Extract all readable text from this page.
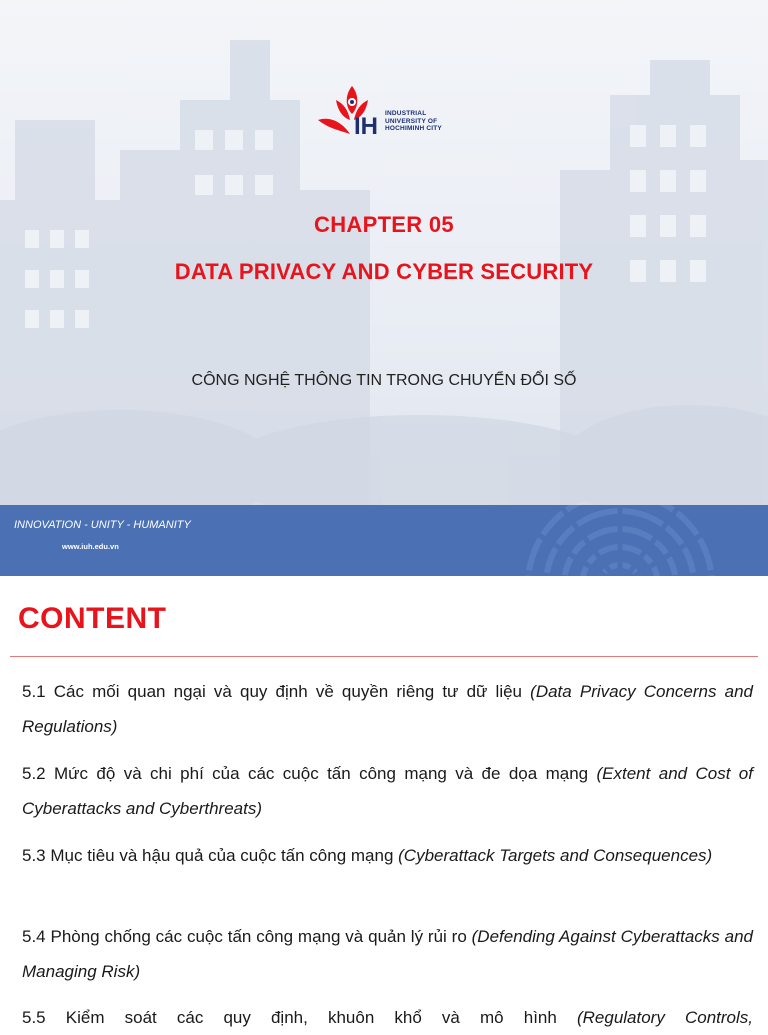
IH INDUSTRIAL
UNIVERSITY OF
HOCHIMINH CITY
CHAPTER 05
DATA PRIVACY AND CYBER SECURITY
CÔNG NGHỆ THÔNG TIN TRONG CHUYỂN ĐỔI SỐ
INNOVATION - UNITY - HUMANITY
www.iuh.edu.vn
CONTENT
5.1 Các mối quan ngại và quy định về quyền riêng tư dữ liệu (Data Privacy Concerns and Regulations)
5.2 Mức độ và chi phí của các cuộc tấn công mạng và đe dọa mạng (Extent and Cost of Cyberattacks and Cyberthreats)
5.3 Mục tiêu và hậu quả của cuộc tấn công mạng (Cyberattack Targets and Consequences)
5.4 Phòng chống các cuộc tấn công mạng và quản lý rủi ro (Defending Against Cyberattacks and Managing Risk)
5.5 Kiểm soát các quy định, khuôn khổ và mô hình (Regulatory Controls,
